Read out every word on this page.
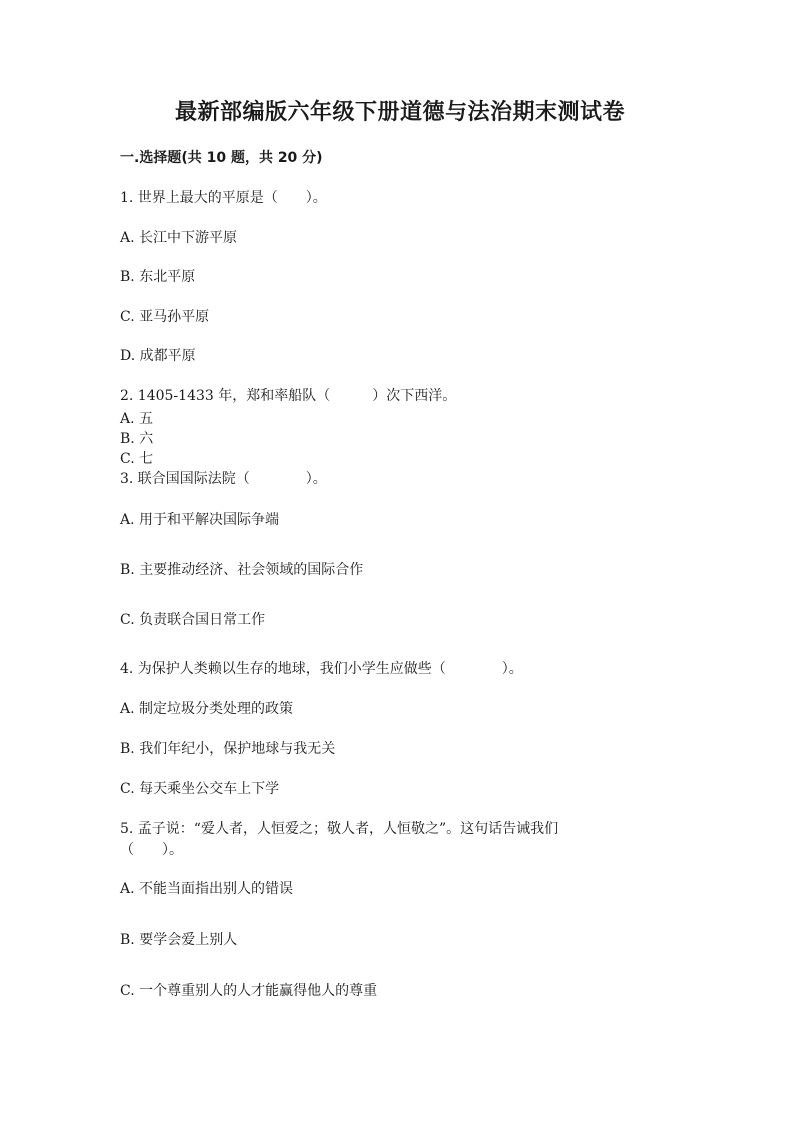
最新部编版六年级下册道德与法治期末测试卷
一.选择题(共 10 题，共 20 分)
1. 世界上最大的平原是（　　）。
A. 长江中下游平原
B. 东北平原
C. 亚马孙平原
D. 成都平原
2. 1405-1433 年，郑和率船队（　　　）次下西洋。
A. 五
B. 六
C. 七
3. 联合国国际法院（　　　　）。
A. 用于和平解决国际争端
B. 主要推动经济、社会领域的国际合作
C. 负责联合国日常工作
4. 为保护人类赖以生存的地球，我们小学生应做些（　　　　）。
A. 制定垃圾分类处理的政策
B. 我们年纪小，保护地球与我无关
C. 每天乘坐公交车上下学
5. 孟子说：“爱人者，人恒爱之；敬人者，人恒敬之”。这句话告诫我们
（　　）。
A. 不能当面指出别人的错误
B. 要学会爱上别人
C. 一个尊重别人的人才能赢得他人的尊重
